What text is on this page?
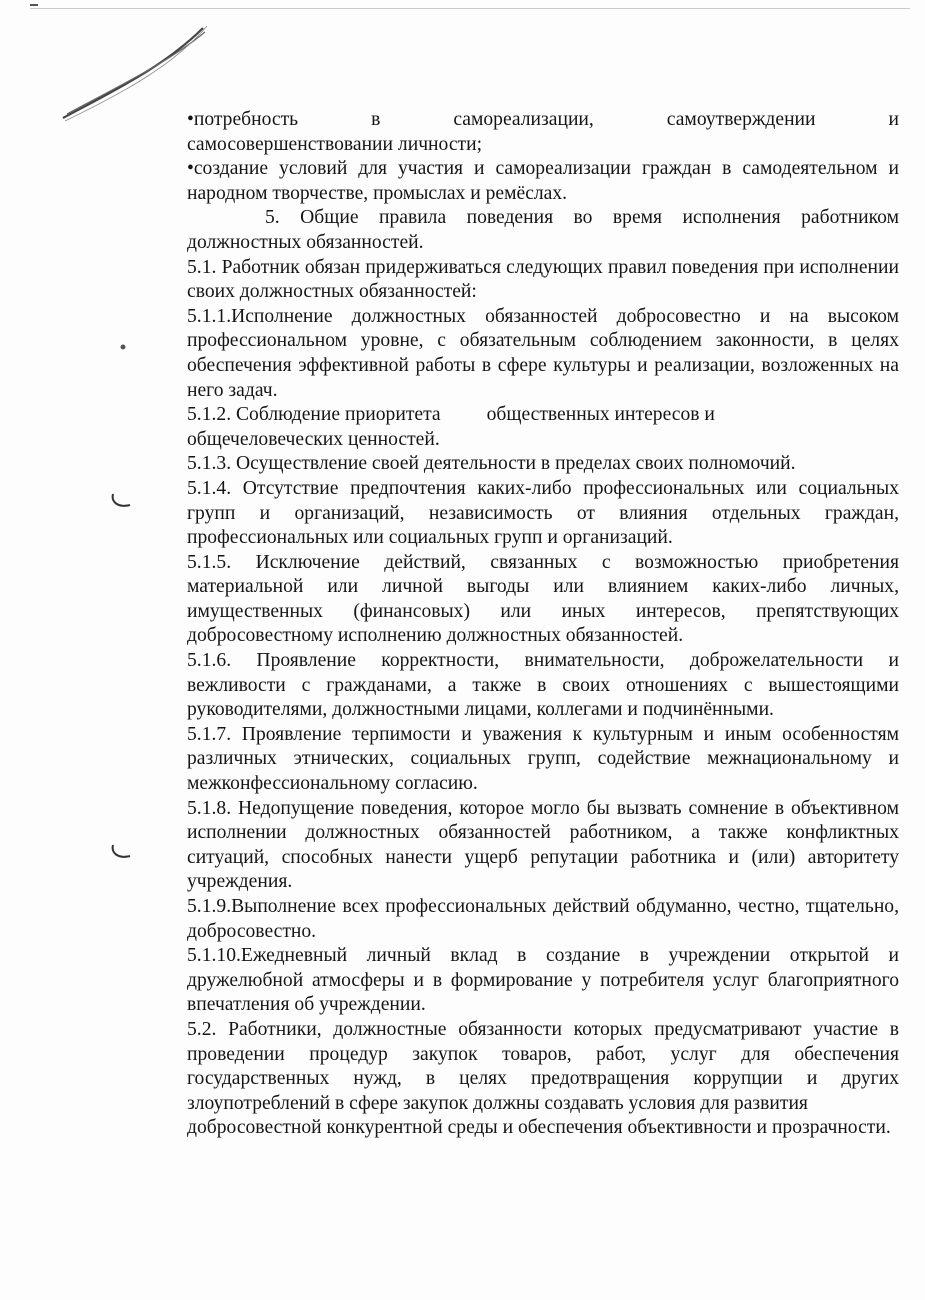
•потребность в самореализации, самоутверждении и

самосовершенствовании личности;

•создание условий для участия и самореализации граждан в самодеятельном и народном творчестве, промыслах и ремёслах.

5. Общие правила поведения во время исполнения работником должностных обязанностей.

5.1. Работник обязан придерживаться следующих правил поведения при исполнении своих должностных обязанностей:

5.1.1.Исполнение должностных обязанностей добросовестно и на высоком профессиональном уровне, с обязательным соблюдением законности, в целях обеспечения эффективной работы в сфере культуры и реализации, возложенных на него задач.

5.1.2. Соблюдение приоритета общественных интересов и

общечеловеческих ценностей.

5.1.3. Осуществление своей деятельности в пределах своих полномочий.

5.1.4. Отсутствие предпочтения каких-либо профессиональных или социальных групп и организаций, независимость от влияния отдельных граждан, профессиональных или социальных групп и организаций.

5.1.5. Исключение действий, связанных с возможностью приобретения материальной или личной выгоды или влиянием каких-либо личных, имущественных (финансовых) или иных интересов, препятствующих добросовестному исполнению должностных обязанностей.

5.1.6. Проявление корректности, внимательности, доброжелательности и вежливости с гражданами, а также в своих отношениях с вышестоящими руководителями, должностными лицами, коллегами и подчинёнными.

5.1.7. Проявление терпимости и уважения к культурным и иным особенностям различных этнических, социальных групп, содействие межнациональному и межконфессиональному согласию.

5.1.8. Недопущение поведения, которое могло бы вызвать сомнение в объективном исполнении должностных обязанностей работником, а также конфликтных ситуаций, способных нанести ущерб репутации работника и (или) авторитету учреждения.

5.1.9.Выполнение всех профессиональных действий обдуманно, честно, тщательно, добросовестно.

5.1.10.Ежедневный личный вклад в создание в учреждении открытой и дружелюбной атмосферы и в формирование у потребителя услуг благоприятного впечатления об учреждении.

5.2. Работники, должностные обязанности которых предусматривают участие в проведении процедур закупок товаров, работ, услуг для обеспечения государственных нужд, в целях предотвращения коррупции и других злоупотреблений в сфере закупок должны создавать условия для развития

добросовестной конкурентной среды и обеспечения объективности и прозрачности.
